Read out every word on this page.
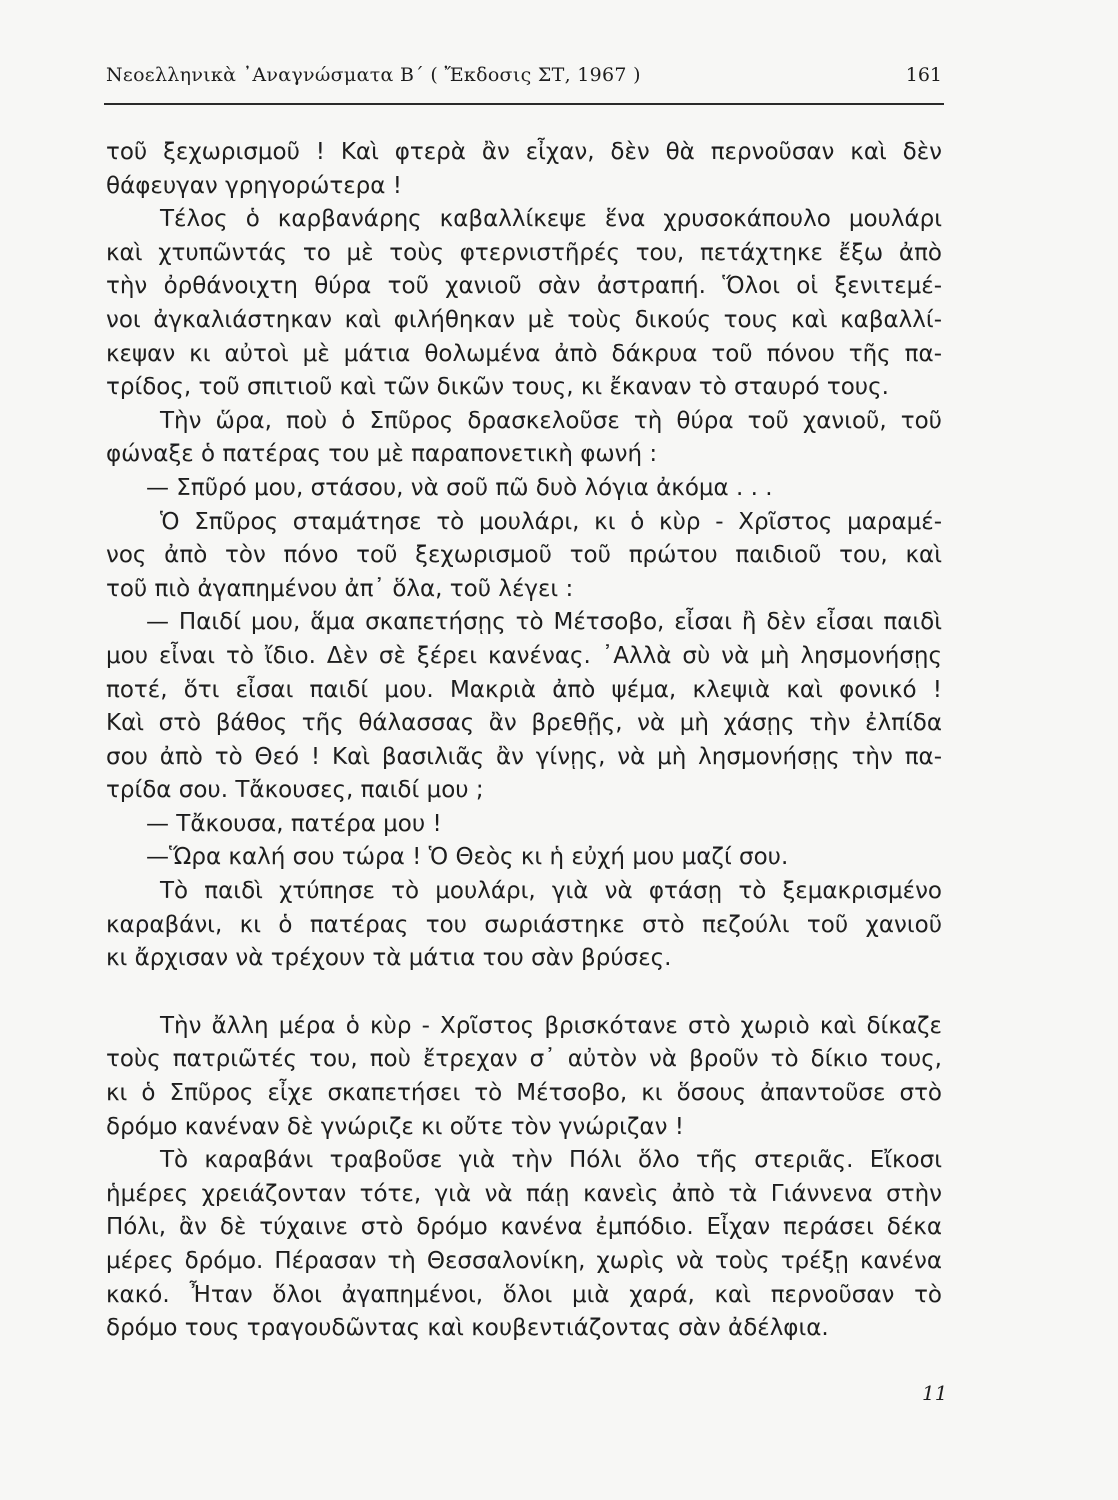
Νεοελληνικὰ ᾿Αναγνώσματα Β´ ( Ἔκδοσις ΣΤ, 1967 )	161

τοῦ ξεχωρισμοῦ ! Καὶ φτερὰ ἂν εἶχαν, δὲν θὰ περνοῦσαν καὶ δὲν

θάφευγαν γρηγορώτερα !

Τέλος ὁ καρβανάρης καβαλλίκεψε ἕνα χρυσοκάπουλο μουλάρι

καὶ χτυπῶντάς το μὲ τοὺς φτερνιστῆρές του, πετάχτηκε ἔξω ἀπὸ

τὴν ὀρθάνοιχτη θύρα τοῦ χανιοῦ σὰν ἀστραπή. Ὅλοι οἱ ξενιτεμέ-

νοι ἀγκαλιάστηκαν καὶ φιλήθηκαν μὲ τοὺς δικούς τους καὶ καβαλλί-

κεψαν κι αὐτοὶ μὲ μάτια θολωμένα ἀπὸ δάκρυα τοῦ πόνου τῆς πα-

τρίδος, τοῦ σπιτιοῦ καὶ τῶν δικῶν τους, κι ἔκαναν τὸ σταυρό τους.

Τὴν ὥρα, ποὺ ὁ Σπῦρος δρασκελοῦσε τὴ θύρα τοῦ χανιοῦ, τοῦ

φώναξε ὁ πατέρας του μὲ παραπονετικὴ φωνή :

— Σπῦρό μου, στάσου, νὰ σοῦ πῶ δυὸ λόγια ἀκόμα . . .

Ὁ Σπῦρος σταμάτησε τὸ μουλάρι, κι ὁ κὺρ - Χρῖστος μαραμέ-

νος ἀπὸ τὸν πόνο τοῦ ξεχωρισμοῦ τοῦ πρώτου παιδιοῦ του, καὶ

τοῦ πιὸ ἀγαπημένου ἀπ᾿ ὅλα, τοῦ λέγει :

— Παιδί μου, ἅμα σκαπετήσῃς τὸ Μέτσοβο, εἶσαι ἢ δὲν εἶσαι παιδὶ

μου εἶναι τὸ ἴδιο. Δὲν σὲ ξέρει κανένας. ᾿Αλλὰ σὺ νὰ μὴ λησμονήσῃς

ποτέ, ὅτι εἶσαι παιδί μου. Μακριὰ ἀπὸ ψέμα, κλεψιὰ καὶ φονικό !

Καὶ στὸ βάθος τῆς θάλασσας ἂν βρεθῇς, νὰ μὴ χάσῃς τὴν ἐλπίδα

σου ἀπὸ τὸ Θεό ! Καὶ βασιλιᾶς ἂν γίνῃς, νὰ μὴ λησμονήσῃς τὴν πα-

τρίδα σου. Τἄκουσες, παιδί μου ;

— Τἄκουσα, πατέρα μου !

—Ὥρα καλή σου τώρα ! Ὁ Θεὸς κι ἡ εὐχή μου μαζί σου.

Τὸ παιδὶ χτύπησε τὸ μουλάρι, γιὰ νὰ φτάσῃ τὸ ξεμακρισμένο

καραβάνι, κι ὁ πατέρας του σωριάστηκε στὸ πεζούλι τοῦ χανιοῦ

κι ἄρχισαν νὰ τρέχουν τὰ μάτια του σὰν βρύσες.

Τὴν ἄλλη μέρα ὁ κὺρ - Χρῖστος βρισκότανε στὸ χωριὸ καὶ δίκαζε

τοὺς πατριῶτές του, ποὺ ἔτρεχαν σ᾿ αὐτὸν νὰ βροῦν τὸ δίκιο τους,

κι ὁ Σπῦρος εἶχε σκαπετήσει τὸ Μέτσοβο, κι ὅσους ἀπαντοῦσε στὸ

δρόμο κανέναν δὲ γνώριζε κι οὔτε τὸν γνώριζαν !

Τὸ καραβάνι τραβοῦσε γιὰ τὴν Πόλι ὅλο τῆς στεριᾶς. Εἴκοσι

ἡμέρες χρειάζονταν τότε, γιὰ νὰ πάῃ κανεὶς ἀπὸ τὰ Γιάννενα στὴν

Πόλι, ἂν δὲ τύχαινε στὸ δρόμο κανένα ἐμπόδιο. Εἶχαν περάσει δέκα

μέρες δρόμο. Πέρασαν τὴ Θεσσαλονίκη, χωρὶς νὰ τοὺς τρέξῃ κανένα

κακό. Ἦταν ὅλοι ἀγαπημένοι, ὅλοι μιὰ χαρά, καὶ περνοῦσαν τὸ

δρόμο τους τραγουδῶντας καὶ κουβεντιάζοντας σὰν ἀδέλφια.

11
